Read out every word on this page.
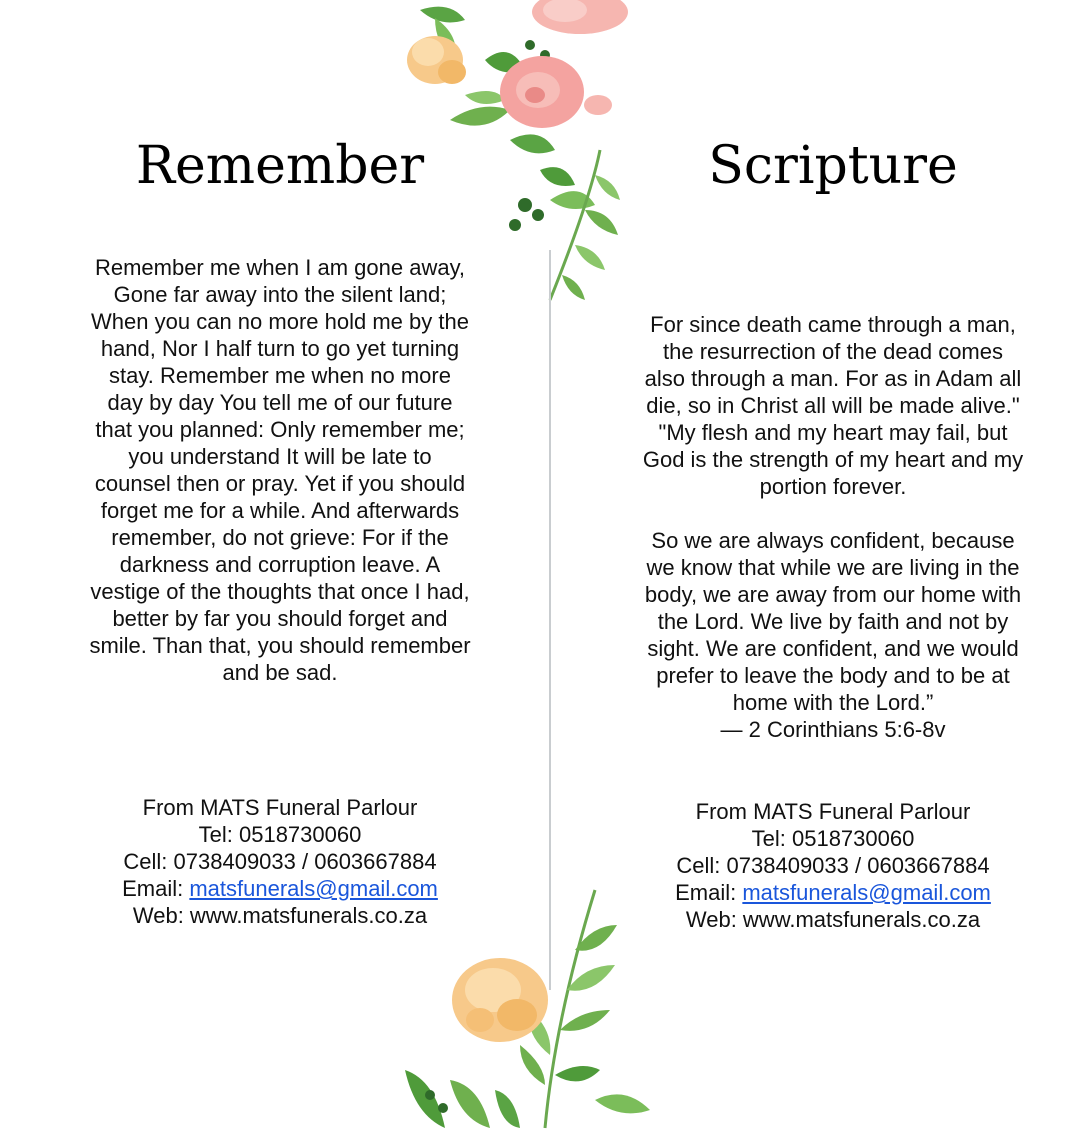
Remember

Remember me when I am gone away,
Gone far away into the silent land;
When you can no more hold me by the
hand, Nor I half turn to go yet turning
stay. Remember me when no more
day by day You tell me of our future
that you planned: Only remember me;
you understand It will be late to
counsel then or pray. Yet if you should
forget me for a while. And afterwards
remember, do not grieve: For if the
darkness and corruption leave. A
vestige of the thoughts that once I had,
better by far you should forget and
smile. Than that, you should remember
and be sad.

From MATS Funeral Parlour
Tel: 0518730060
Cell: 0738409033 / 0603667884
Email: matsfunerals@gmail.com
Web: www.matsfunerals.co.za
Scripture

For since death came through a man,
the resurrection of the dead comes
also through a man. For as in Adam all
die, so in Christ all will be made alive."
"My flesh and my heart may fail, but
God is the strength of my heart and my
portion forever.

So we are always confident, because
we know that while we are living in the
body, we are away from our home with
the Lord. We live by faith and not by
sight. We are confident, and we would
prefer to leave the body and to be at
home with the Lord.”
— 2 Corinthians 5:6-8v

From MATS Funeral Parlour
Tel: 0518730060
Cell: 0738409033 / 0603667884
Email: matsfunerals@gmail.com
Web: www.matsfunerals.co.za
